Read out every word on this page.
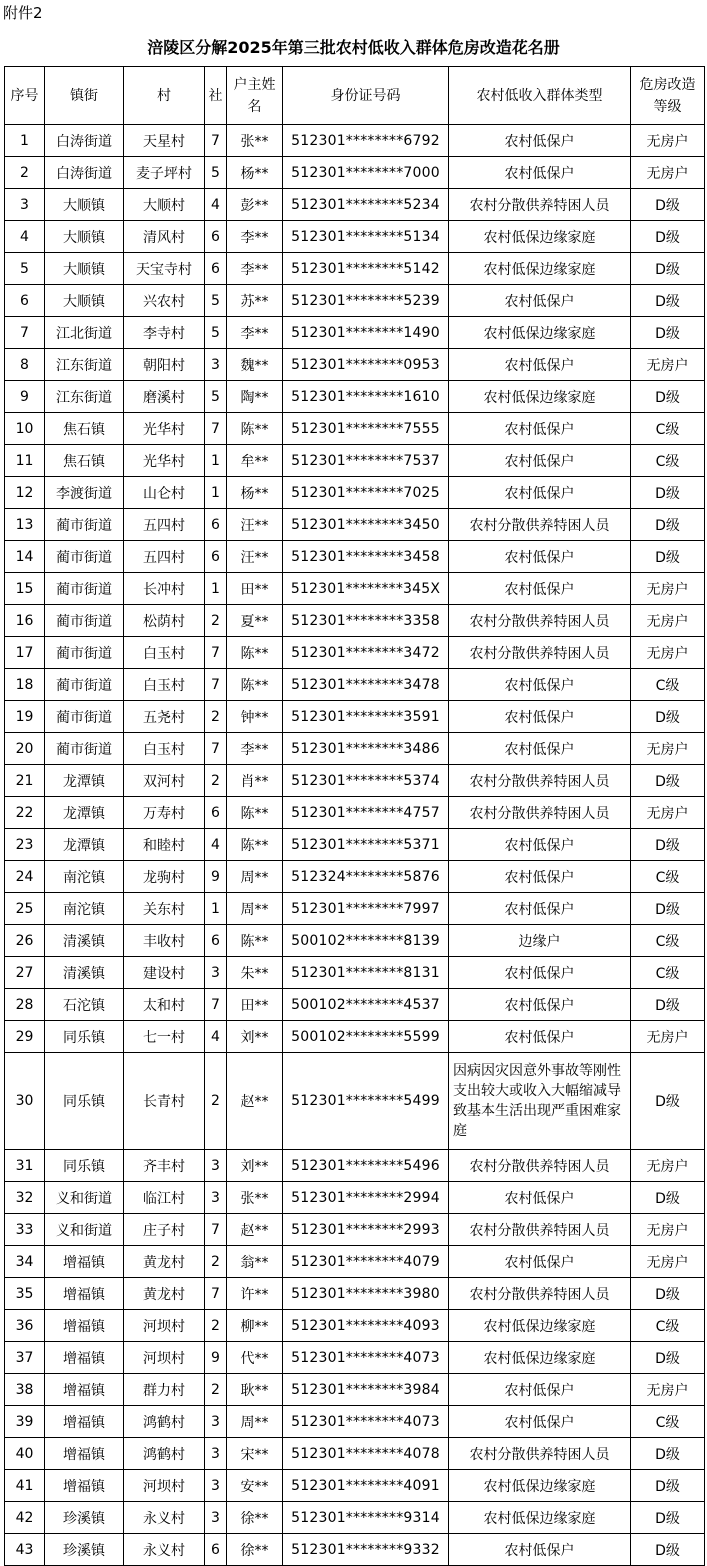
附件2
涪陵区分解2025年第三批农村低收入群体危房改造花名册
序号	镇街	村	社	户主姓名	身份证号码	农村低收入群体类型	危房改造等级
1	白涛街道	天星村	7	张**	512301********6792	农村低保户	无房户
2	白涛街道	麦子坪村	5	杨**	512301********7000	农村低保户	无房户
3	大顺镇	大顺村	4	彭**	512301********5234	农村分散供养特困人员	D级
4	大顺镇	清风村	6	李**	512301********5134	农村低保边缘家庭	D级
5	大顺镇	天宝寺村	6	李**	512301********5142	农村低保边缘家庭	D级
6	大顺镇	兴农村	5	苏**	512301********5239	农村低保户	D级
7	江北街道	李寺村	5	李**	512301********1490	农村低保边缘家庭	D级
8	江东街道	朝阳村	3	魏**	512301********0953	农村低保户	无房户
9	江东街道	磨溪村	5	陶**	512301********1610	农村低保边缘家庭	D级
10	焦石镇	光华村	7	陈**	512301********7555	农村低保户	C级
11	焦石镇	光华村	1	牟**	512301********7537	农村低保户	C级
12	李渡街道	山仑村	1	杨**	512301********7025	农村低保户	D级
13	蔺市街道	五四村	6	汪**	512301********3450	农村分散供养特困人员	D级
14	蔺市街道	五四村	6	汪**	512301********3458	农村低保户	D级
15	蔺市街道	长冲村	1	田**	512301********345X	农村低保户	无房户
16	蔺市街道	松荫村	2	夏**	512301********3358	农村分散供养特困人员	无房户
17	蔺市街道	白玉村	7	陈**	512301********3472	农村分散供养特困人员	无房户
18	蔺市街道	白玉村	7	陈**	512301********3478	农村低保户	C级
19	蔺市街道	五尧村	2	钟**	512301********3591	农村低保户	D级
20	蔺市街道	白玉村	7	李**	512301********3486	农村低保户	无房户
21	龙潭镇	双河村	2	肖**	512301********5374	农村分散供养特困人员	D级
22	龙潭镇	万寿村	6	陈**	512301********4757	农村分散供养特困人员	无房户
23	龙潭镇	和睦村	4	陈**	512301********5371	农村低保户	D级
24	南沱镇	龙驹村	9	周**	512324********5876	农村低保户	C级
25	南沱镇	关东村	1	周**	512301********7997	农村低保户	D级
26	清溪镇	丰收村	6	陈**	500102********8139	边缘户	C级
27	清溪镇	建设村	3	朱**	512301********8131	农村低保户	C级
28	石沱镇	太和村	7	田**	500102********4537	农村低保户	D级
29	同乐镇	七一村	4	刘**	500102********5599	农村低保户	无房户
30	同乐镇	长青村	2	赵**	512301********5499	因病因灾因意外事故等刚性支出较大或收入大幅缩减导致基本生活出现严重困难家庭	D级
31	同乐镇	齐丰村	3	刘**	512301********5496	农村分散供养特困人员	无房户
32	义和街道	临江村	3	张**	512301********2994	农村低保户	D级
33	义和街道	庄子村	7	赵**	512301********2993	农村分散供养特困人员	无房户
34	增福镇	黄龙村	2	翁**	512301********4079	农村低保户	无房户
35	增福镇	黄龙村	7	许**	512301********3980	农村分散供养特困人员	D级
36	增福镇	河坝村	2	柳**	512301********4093	农村低保边缘家庭	C级
37	增福镇	河坝村	9	代**	512301********4073	农村低保边缘家庭	D级
38	增福镇	群力村	2	耿**	512301********3984	农村低保户	无房户
39	增福镇	鸿鹤村	3	周**	512301********4073	农村低保户	C级
40	增福镇	鸿鹤村	3	宋**	512301********4078	农村分散供养特困人员	D级
41	增福镇	河坝村	3	安**	512301********4091	农村低保边缘家庭	D级
42	珍溪镇	永义村	3	徐**	512301********9314	农村低保边缘家庭	D级
43	珍溪镇	永义村	6	徐**	512301********9332	农村低保户	D级
